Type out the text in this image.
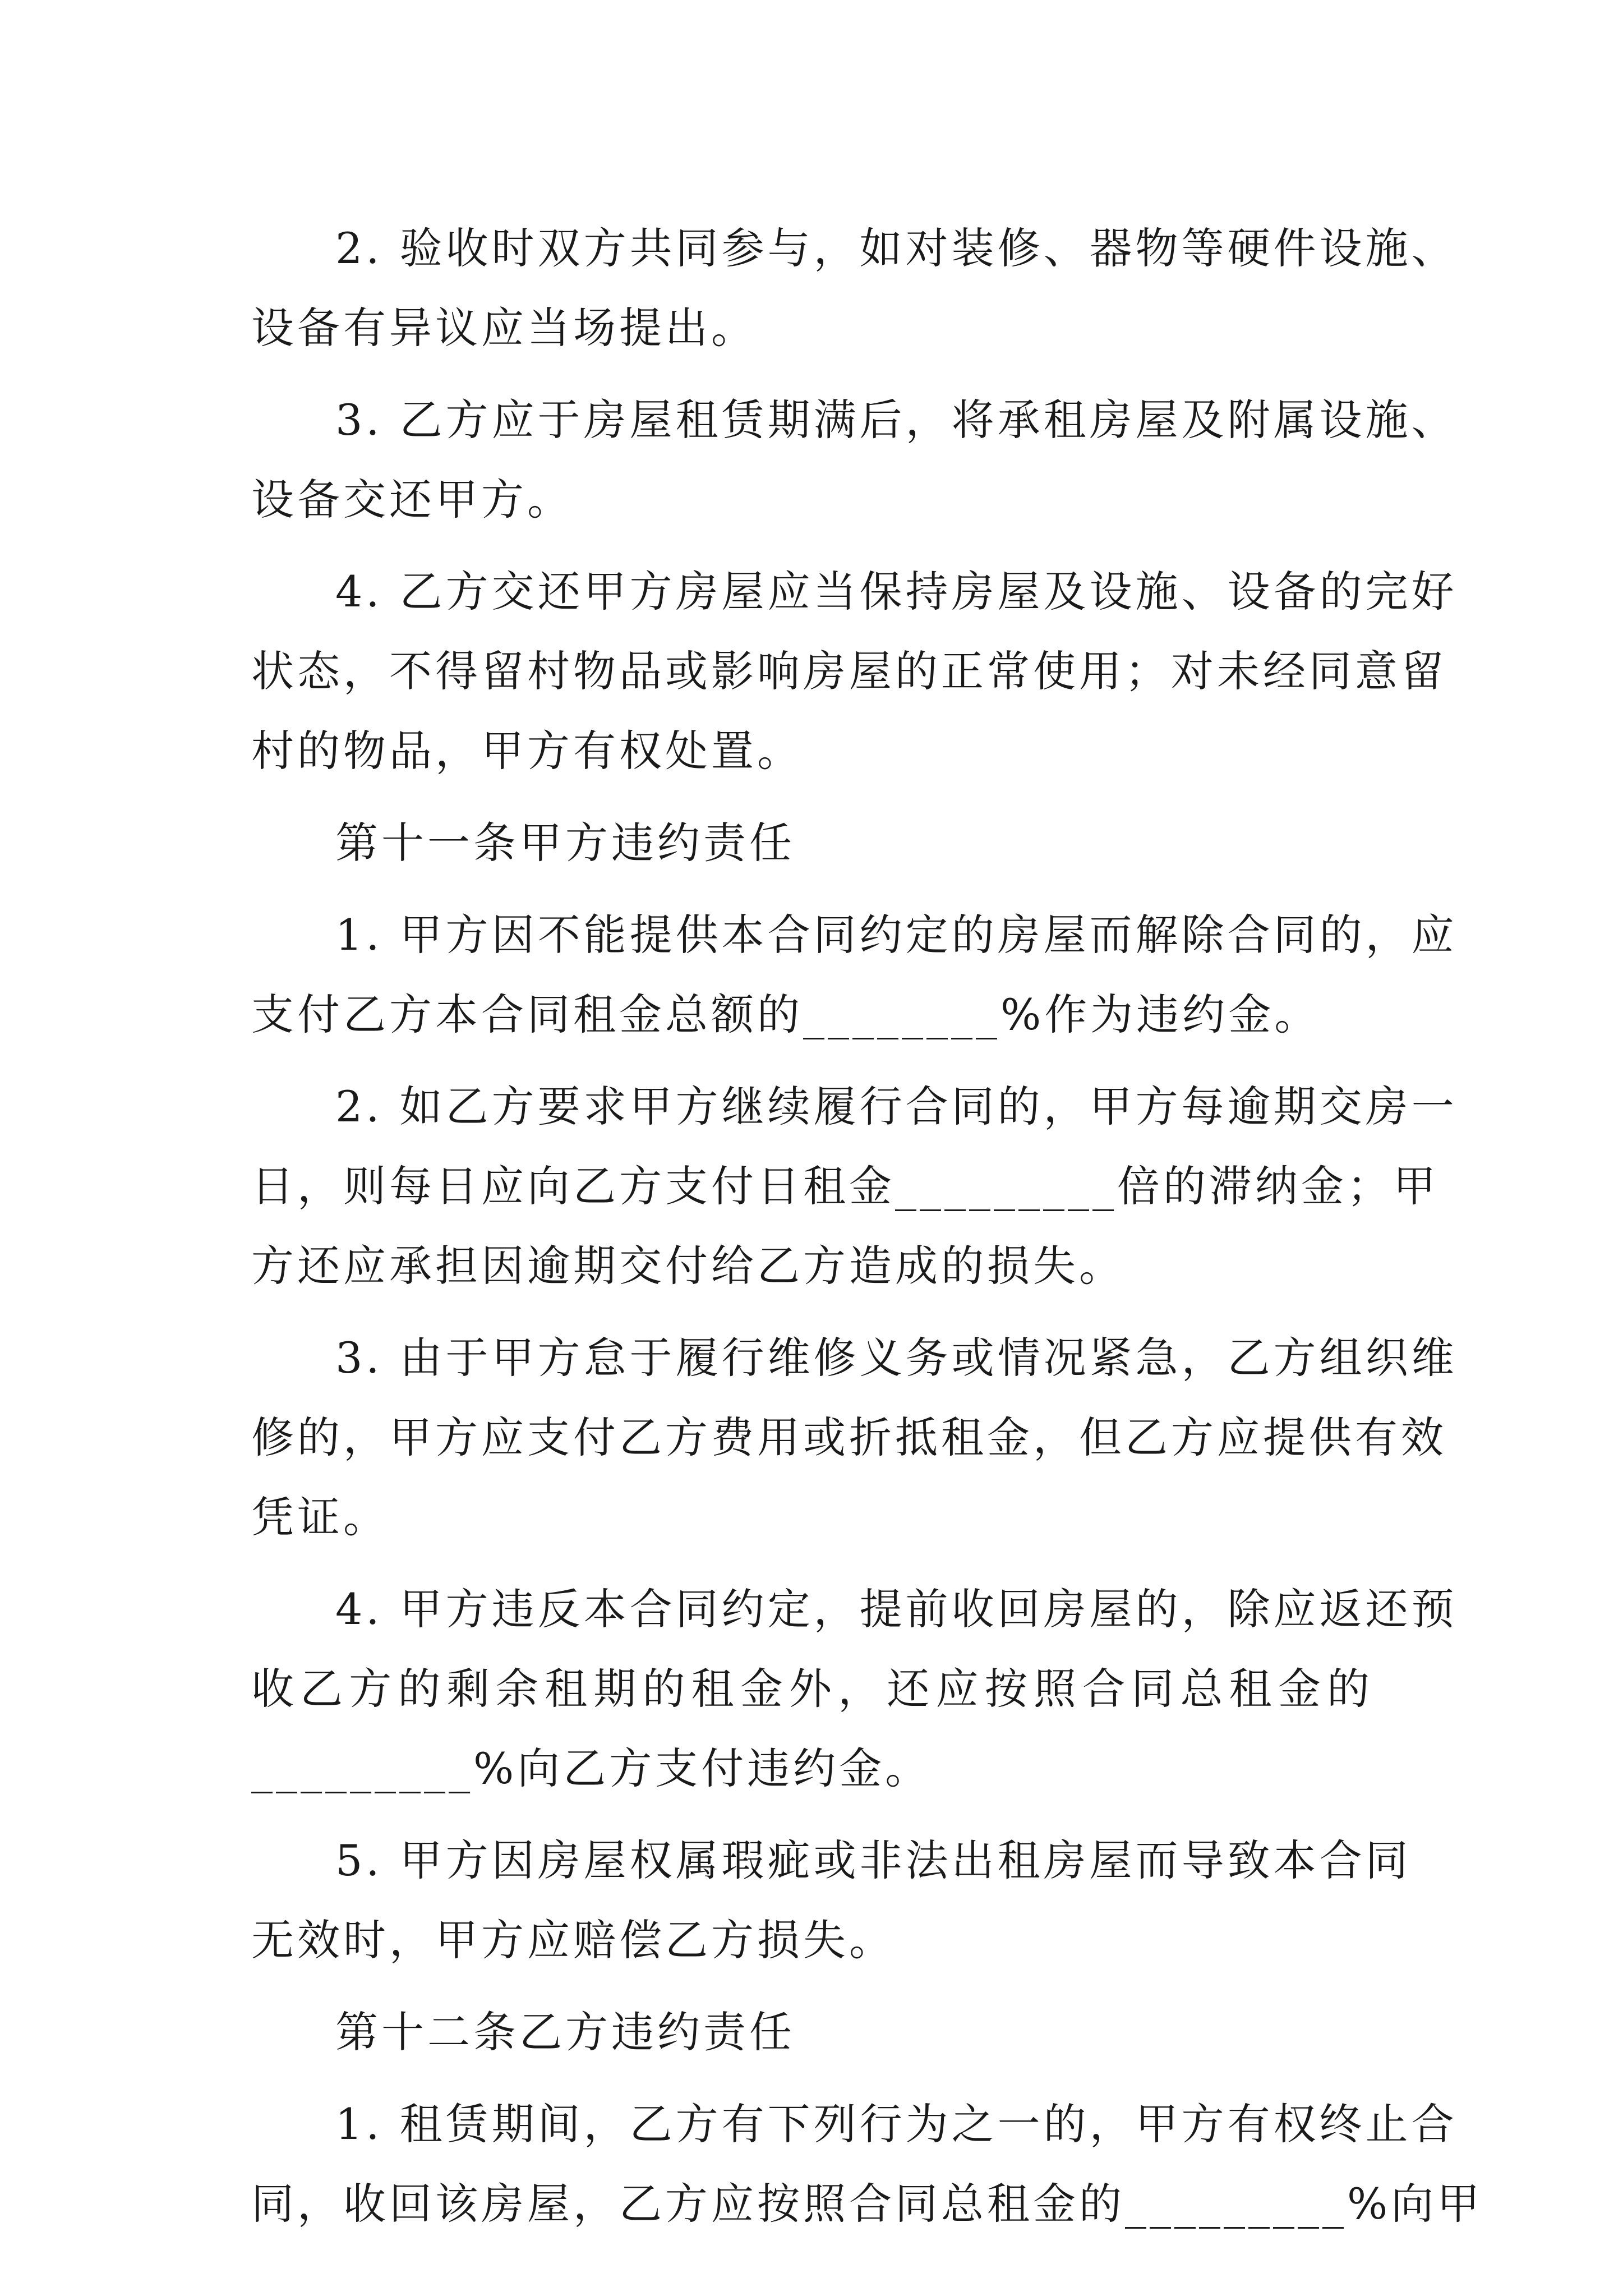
2. 验收时双方共同参与，如对装修、器物等硬件设施、
设备有异议应当场提出。
3. 乙方应于房屋租赁期满后，将承租房屋及附属设施、
设备交还甲方。
4. 乙方交还甲方房屋应当保持房屋及设施、设备的完好
状态，不得留村物品或影响房屋的正常使用；对未经同意留
村的物品，甲方有权处置。
第十一条甲方违约责任
1. 甲方因不能提供本合同约定的房屋而解除合同的，应
支付乙方本合同租金总额的________%作为违约金。
2. 如乙方要求甲方继续履行合同的，甲方每逾期交房一
日，则每日应向乙方支付日租金_________倍的滞纳金；甲
方还应承担因逾期交付给乙方造成的损失。
3. 由于甲方怠于履行维修义务或情况紧急，乙方组织维
修的，甲方应支付乙方费用或折抵租金，但乙方应提供有效
凭证。
4. 甲方违反本合同约定，提前收回房屋的，除应返还预
收乙方的剩余租期的租金外，还应按照合同总租金的
_________%向乙方支付违约金。
5. 甲方因房屋权属瑕疵或非法出租房屋而导致本合同
无效时，甲方应赔偿乙方损失。
第十二条乙方违约责任
1. 租赁期间，乙方有下列行为之一的，甲方有权终止合
同，收回该房屋，乙方应按照合同总租金的_________%向甲
